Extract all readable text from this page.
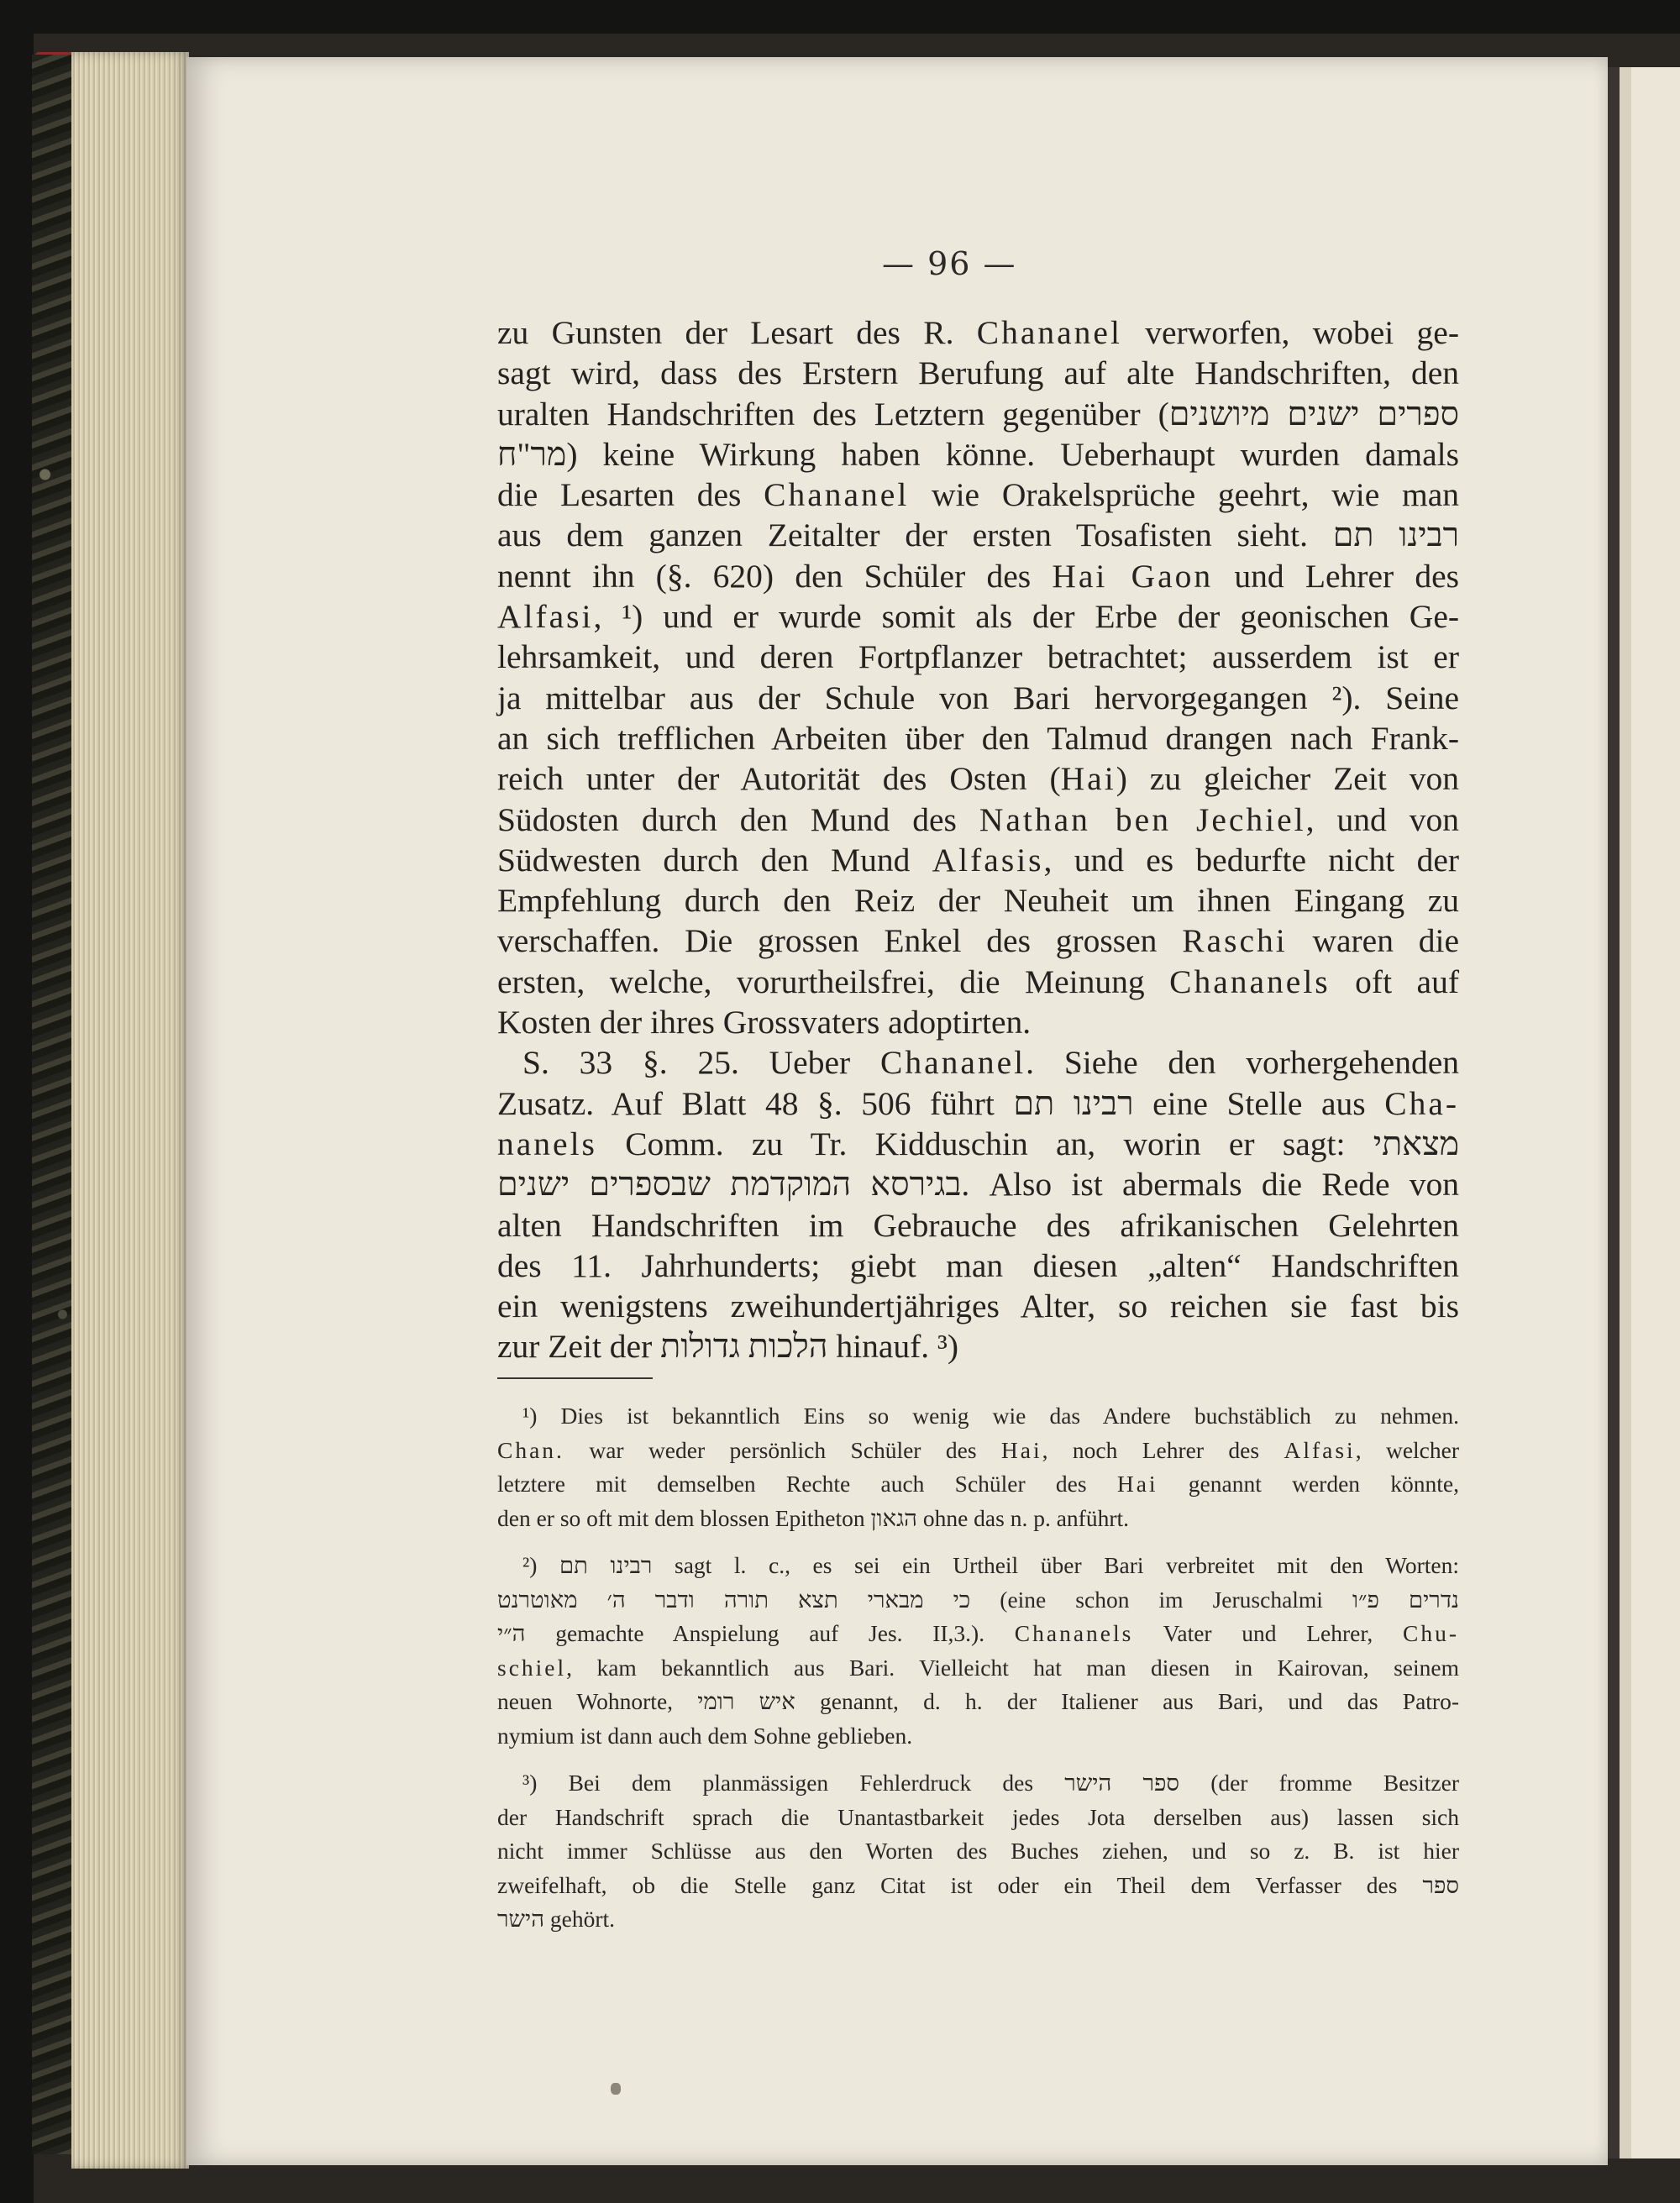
— 96 —

zu Gunsten der Lesart des R. Chananel verworfen, wobei ge-

sagt wird, dass des Erstern Berufung auf alte Handschriften, den

uralten Handschriften des Letztern gegenüber (ספרים ישנים מיושנים

מר"ח) keine Wirkung haben könne. Ueberhaupt wurden damals

die Lesarten des Chananel wie Orakelsprüche geehrt, wie man

aus dem ganzen Zeitalter der ersten Tosafisten sieht. רבינו תם

nennt ihn (§. 620) den Schüler des Hai Gaon und Lehrer des

Alfasi, ¹) und er wurde somit als der Erbe der geonischen Ge-

lehrsamkeit, und deren Fortpflanzer betrachtet; ausserdem ist er

ja mittelbar aus der Schule von Bari hervorgegangen ²). Seine

an sich trefflichen Arbeiten über den Talmud drangen nach Frank-

reich unter der Autorität des Osten (Hai) zu gleicher Zeit von

Südosten durch den Mund des Nathan ben Jechiel, und von

Südwesten durch den Mund Alfasis, und es bedurfte nicht der

Empfehlung durch den Reiz der Neuheit um ihnen Eingang zu

verschaffen. Die grossen Enkel des grossen Raschi waren die

ersten, welche, vorurtheilsfrei, die Meinung Chananels oft auf

Kosten der ihres Grossvaters adoptirten.

S. 33 §. 25. Ueber Chananel. Siehe den vorhergehenden

Zusatz. Auf Blatt 48 §. 506 führt רבינו תם eine Stelle aus Cha-

nanels Comm. zu Tr. Kidduschin an, worin er sagt: מצאתי

בגירסא המוקדמת שבספרים ישנים. Also ist abermals die Rede von

alten Handschriften im Gebrauche des afrikanischen Gelehrten

des 11. Jahrhunderts; giebt man diesen „alten“ Handschriften

ein wenigstens zweihundertjähriges Alter, so reichen sie fast bis

zur Zeit der הלכות גדולות hinauf. ³)

¹) Dies ist bekanntlich Eins so wenig wie das Andere buchstäblich zu nehmen.

Chan. war weder persönlich Schüler des Hai, noch Lehrer des Alfasi, welcher

letztere mit demselben Rechte auch Schüler des Hai genannt werden könnte,

den er so oft mit dem blossen Epitheton הגאון ohne das n. p. anführt.

²) רבינו תם sagt l. c., es sei ein Urtheil über Bari verbreitet mit den Worten:

כי מבארי תצא תורה ודבר ה׳ מאוטרנט (eine schon im Jeruschalmi נדרים פ״ו

ה״י gemachte Anspielung auf Jes. II,3.). Chananels Vater und Lehrer, Chu-

schiel, kam bekanntlich aus Bari. Vielleicht hat man diesen in Kairovan, seinem

neuen Wohnorte, איש רומי genannt, d. h. der Italiener aus Bari, und das Patro-

nymium ist dann auch dem Sohne geblieben.

³) Bei dem planmässigen Fehlerdruck des ספר הישר (der fromme Besitzer

der Handschrift sprach die Unantastbarkeit jedes Jota derselben aus) lassen sich

nicht immer Schlüsse aus den Worten des Buches ziehen, und so z. B. ist hier

zweifelhaft, ob die Stelle ganz Citat ist oder ein Theil dem Verfasser des ספר

הישר gehört.
